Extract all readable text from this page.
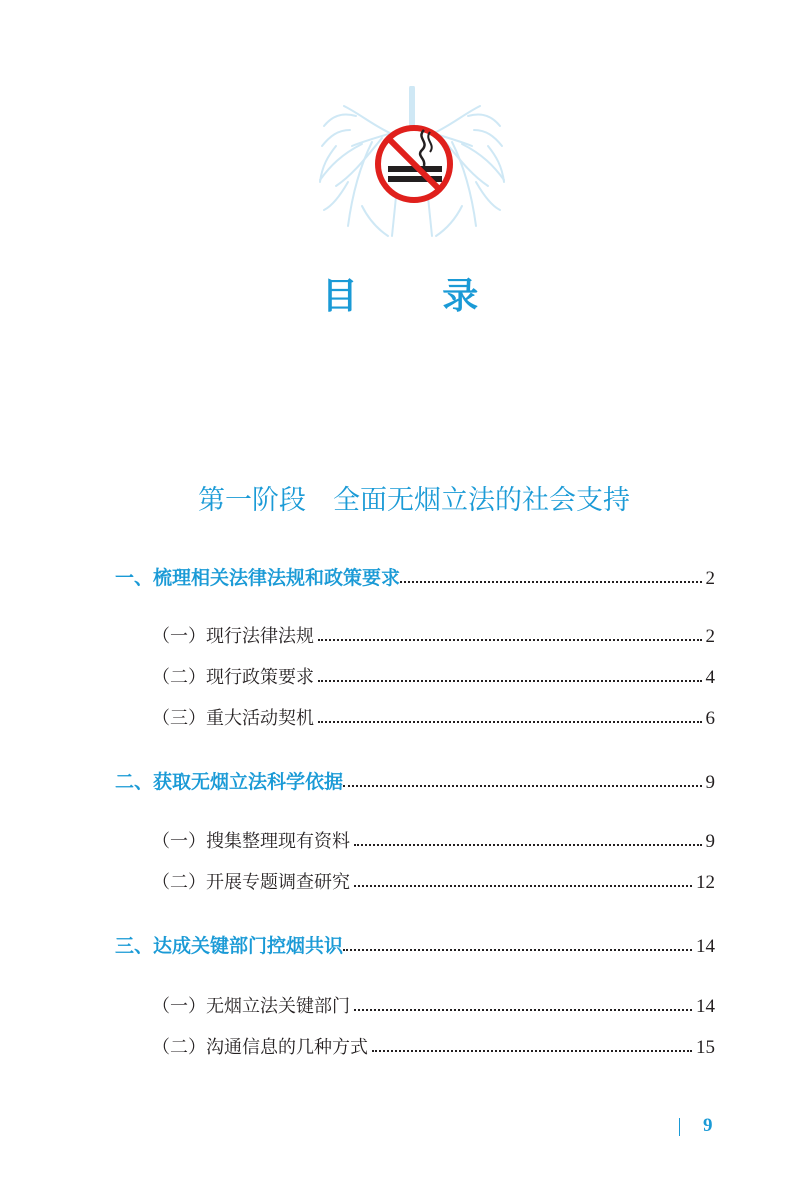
目 录
第一阶段　全面无烟立法的社会支持
一、梳理相关法律法规和政策要求	2
（一）现行法律法规	2
（二）现行政策要求	4
（三）重大活动契机	6
二、获取无烟立法科学依据	9
（一）搜集整理现有资料	9
（二）开展专题调查研究	12
三、达成关键部门控烟共识	14
（一）无烟立法关键部门	14
（二）沟通信息的几种方式	15
9
